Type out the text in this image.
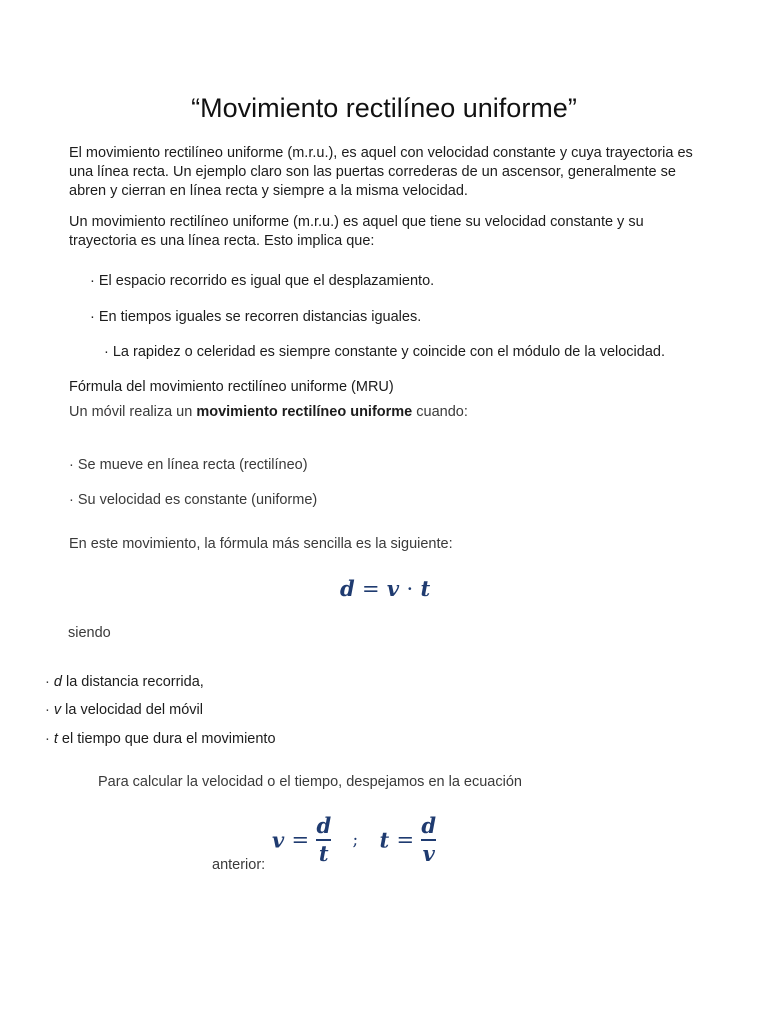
“Movimiento rectilíneo uniforme”
El movimiento rectilíneo uniforme (m.r.u.), es aquel con velocidad constante y cuya trayectoria es una línea recta. Un ejemplo claro son las puertas correderas de un ascensor, generalmente se abren y cierran en línea recta y siempre a la misma velocidad.
Un movimiento rectilíneo uniforme (m.r.u.) es aquel que tiene su velocidad constante y su trayectoria es una línea recta. Esto implica que:
· El espacio recorrido es igual que el desplazamiento.
· En tiempos iguales se recorren distancias iguales.
· La rapidez o celeridad es siempre constante y coincide con el módulo de la velocidad.
Fórmula del movimiento rectilíneo uniforme (MRU)
Un móvil realiza un movimiento rectilíneo uniforme cuando:
· Se mueve en línea recta (rectilíneo)
· Su velocidad es constante (uniforme)
En este movimiento, la fórmula más sencilla es la siguiente:
d = v · t
siendo
· d la distancia recorrida,
· v la velocidad del móvil
· t el tiempo que dura el movimiento
Para calcular la velocidad o el tiempo, despejamos en la ecuación
anterior:
$v = \frac{d}{t}$ ; $t = \frac{d}{v}$
